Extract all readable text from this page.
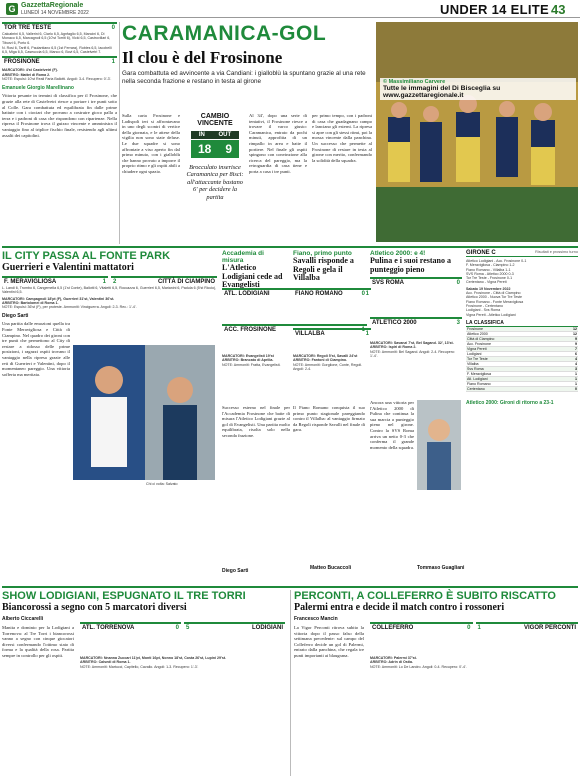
G GazzettaRegionale
LUNEDÌ 14 NOVEMBRE 2022	UNDER 14 ELITE 43
TOR TRE TESTE	0
Calcabrini 6,5, Vallerini 6, Ciarlo 6,5, Agnfaglio 6,5, Mancini 6, Di Monaco 6,5, Marcagnoli 6,5 (10'st Torriti 6), Vicki 6,5, Castrovillari 6, Tiburzi 6, Porto 6.
N. Rosi 6, Tarifi 6, Paulantiano 6,5 (1st Ferrara), Robles 6,5, Iacobelli 6,5, Miga 6,5, Caseuccia 6,5, Manco 6, Bovi 6,5, Castelvetri 7.
FROSINONE	1
MARCATORI: 4'st Castelvetri (F).
ARBITRO: Mattei di Roma 2.
NOTE: Espulsi: 10'st Reali Faria Ballotti. Angoli: 3-4. Recupero: 0'-3'.
Emanuele Giorgio Marellinano
Vittoria pesante in termini di classifica per il Frosinone, che grazie alla rete di Castelvetri riesce a portare i tre punti sotto al Colle. Gara combattuta ed equilibrata fin dalle prime battute con i ciociari che provano a costruire gioco palla a terra e i padroni di casa che rispondono con ripartenze. Nella ripresa il Frosinone trova il guizzo vincente e amministra il vantaggio fino al triplice fischio finale, resistendo agli ultimi assalti dei capitolini.
CARAMANICA-GOL
Il clou è del Frosinone
Gara combattuta ed avvincente a via Candiani: i gialloblù la spuntano grazie al una rete nella seconda frazione e restano in testa al girone	© Massimiliano Carvere
Tutte le immagini del Di Bisceglia su www.gazzettaregionale.it
Sulla carta Frosinone e Ladispoli ieri si affrontavano in uno degli scontri di vertice della giornata, e le attese della vigilia non sono state deluse. Le due squadre si sono affrontate a viso aperto fin dal primo minuto, con i gialloblù che hanno provato a imporre il proprio ritmo e gli ospiti abili a chiudere ogni spazio.
CAMBIO VINCENTE
IN OUT
18 9
Brocculato inserisce Caramanica per 8isci: all'attaccante bastano 6' per decidere la partita
Al 34', dopo una serie di tentativi, il Frosinone riesce a trovare il varco giusto: Caramanica, entrato da pochi minuti, approfitta di un rimpallo in area e batte il portiere. Nel finale gli ospiti spingono con convinzione alla ricerca del pareggio, ma la retroguardia di casa tiene e porta a casa i tre punti.
per primo tempo, con i padroni di casa che guadagnano campo e lanciano gli esterni. La ripresa si apre con gli stessi ritmi, poi la mossa vincente dalla panchina. Un successo che permette al Frosinone di restare in testa al girone con merito, confermando la solidità della squadra.
IL CITY PASSA AL FONTE PARK
Guerrieri e Valentini mattatori
F. MERAVIGLIOSA	1 2	CITTÀ DI CIAMPINO
L. Landi 6, Trombo 6, Cangemella 6,5 (1'st Conte), Ballotti 6, Vitaletti 6,5, Roccazza 6, Guerrieri 6,5, Marianini 6, Padula 6 (5'st Riccio), Valentini 6,5.
MARCATORI: Campagnoli 18'pt (F), Guerrieri 31'st, Valentini 36'st.
ARBITRO: Bartolomei di Roma 1.
NOTE: Espulsi: 36'st (F), per proteste. Ammoniti: Vinciguerra. Angoli: 2-3. Rec.: 1'-4'.
Diego Sarti
Una partita dalle emozioni quella tra Fonte Meravigliosa e Città di Ciampino. Nel quadro dei gironi con tre punti che permettono al City di restare a ridosso delle prime posizioni, i ragazzi ospiti trovano il vantaggio nella ripresa grazie alle reti di Guerrieri e Valentini, dopo il momentaneo pareggio. Una vittoria sofferta ma meritata.
Chi ci volta: Salvato
Accademia di misura
L'Atletico Lodigiani cede ad Evangelisti
ATL. LODIGIANI	0
ACC. FROSINONE	1
MARCATORI: Evangelisti 19'st
ARBITRO: Brancato di Aprilia.
NOTE: Ammoniti: Fratta, Evangelisti.
Successo esterno nel finale per l'Accademia Frosinone che batte di misura l'Atletico Lodigiani grazie al gol di Evangelisti. Una partita molto equilibrata, risolta solo nella seconda frazione.
Diego Sarti
Fiano, primo punto
Savalli risponde a Regoli e gela il Villalba
FIANO ROMANO	1
VILLALBA	1
MARCATORI: Regoli 5'st, Savalli 24'st
ARBITRO: Fantoni di Ciampino.
NOTE: Ammoniti: Gorglione, Conte, Regoli. Angoli: 2-4.
Il Fiano Romano conquista il suo primo punto stagionale pareggiando contro il Villalba: al vantaggio firmato da Regoli risponde Savalli nel finale di gara.
Matteo Bucaccoli
Atletico 2000: e 4!
Pulina e i suoi restano a punteggio pieno
SVS ROMA	0
ATLETICO 2000	3
MARCATORI: Savanzi 7'st, Bel Sagand. 32', 13'st.
ARBITRO: Ispiri di Roma 2.
NOTE: Ammoniti: Bel Sagand. Angoli: 2-4. Recupero: 1'-4'.
Ancora una vittoria per l'Atletico 2000 di Pulina che continua la sua marcia a punteggio pieno nel girone. Contro la SVS Roma arriva un netto 0-3 che conferma il grande momento della squadra.
Tommaso Guagliani
GIRONE C	Risultati e prossimo turno
Atletico Lodigiani - Acc. Frosinone 0-1
F. Meravigliosa - Ciampino 1-2
Fiano Romano - Villalba 1-1
SVS Roma - Atletico 2000 0-3
Tor Tre Teste - Frosinone 0-1
Certentano - Vigna Pereti
Sabato 19 Novembre 2022
Acc. Frosinone - Città di Ciampino
Atletico 2000 - Nuova Tor Tre Teste
Fiano Romano - Fonte Meravigliosa
Frosinone - Certentano
Lodigiani - Svs Roma
Vigna Pereti - Atletico Lodigiani
LA CLASSIFICA
Frosinone	12
Atletico 2000	12
Città di Ciampino	9
Acc. Frosinone	9
Vigna Pereti	7
Lodigiani	6
Tor Tre Teste	4
Villalba	4
Svs Roma	3
F. Meravigliosa	1
Atl. Lodigiani	1
Fiano Romano	1
Certentano	0
Atletico 2000: Gironi di ritorno a 23-1
SHOW LODIGIANI, ESPUGNATO IL TRE TORRI
Biancorossi a segno con 5 marcatori diversi
Alberto Ciccarelli
Manita e dominio per la Lodigiani a Torrenova: al Tre Torri i biancorossi vanno a segno con cinque giocatori diversi confermando l'ottimo stato di forma e la qualità della rosa. Partita sempre in controllo per gli ospiti.
ATL. TORRENOVA	0 5	LODIGIANI
MARCATORI: Nnanna Zuccari 11'pt, Monti 16pt, Nonno 18'st, Costa 26'st, Lupini 29'st.
ARBITRO: Calsedi di Roma 1.
NOTE: Ammoniti: Martucci, Capitello, Cavallo. Angoli: 1-3. Recupero: 1'-3'.
PERCONTI, A COLLEFERRO È SUBITO RISCATTO
Palermi entra e decide il match contro i rossoneri
Francesco Mancin
La Vigor Perconti ritrova subito la vittoria dopo il passo falso della settimana precedente: sul campo del Colleferro decide un gol di Palermi, entrato dalla panchina, che regala tre punti importanti ai blaugrana.
COLLEFERRO	0 1	VIGOR PERCONTI
MARCATORI: Palermi 37'st.
ARBITRO: Adrin di Ostia.
NOTE: Ammoniti: Lo De Landro. Angoli: 0-4. Recupero: 0'-4'.
